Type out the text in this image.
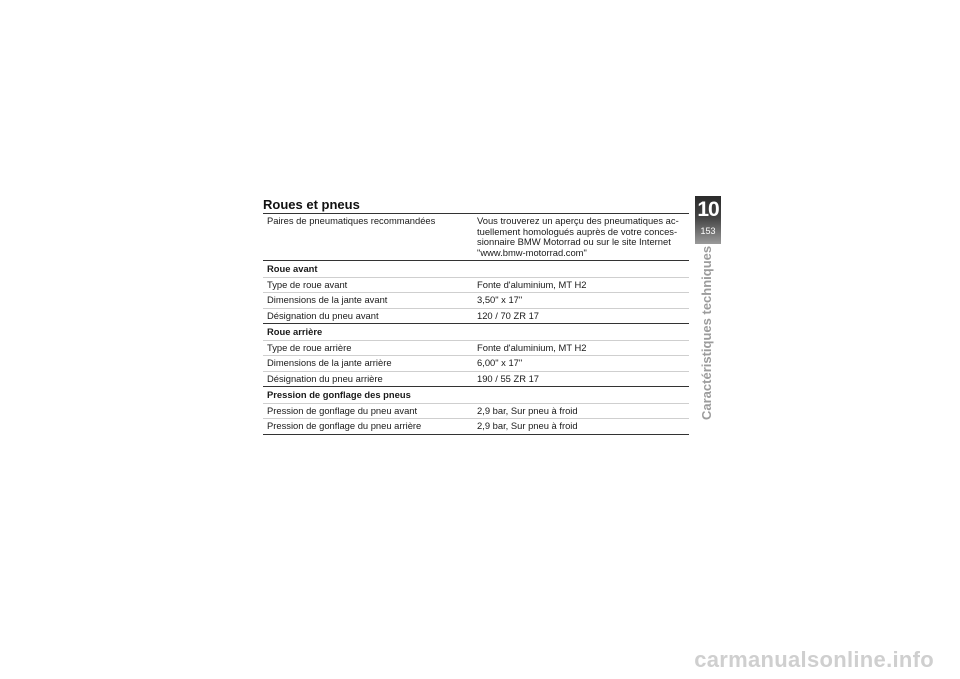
Roues et pneus
Paires de pneumatiques recommandées	Vous trouverez un aperçu des pneumatiques ac-tuellement homologués auprès de votre conces-sionnaire BMW Motorrad ou sur le site Internet "www.bmw-motorrad.com"
Roue avant	
Type de roue avant	Fonte d'aluminium, MT H2
Dimensions de la jante avant	3,50" x 17"
Désignation du pneu avant	120 / 70 ZR 17
Roue arrière	
Type de roue arrière	Fonte d'aluminium, MT H2
Dimensions de la jante arrière	6,00" x 17"
Désignation du pneu arrière	190 / 55 ZR 17
Pression de gonflage des pneus	
Pression de gonflage du pneu avant	2,9 bar, Sur pneu à froid
Pression de gonflage du pneu arrière	2,9 bar, Sur pneu à froid
10
153
Caractéristiques techniques
carmanualsonline.info
